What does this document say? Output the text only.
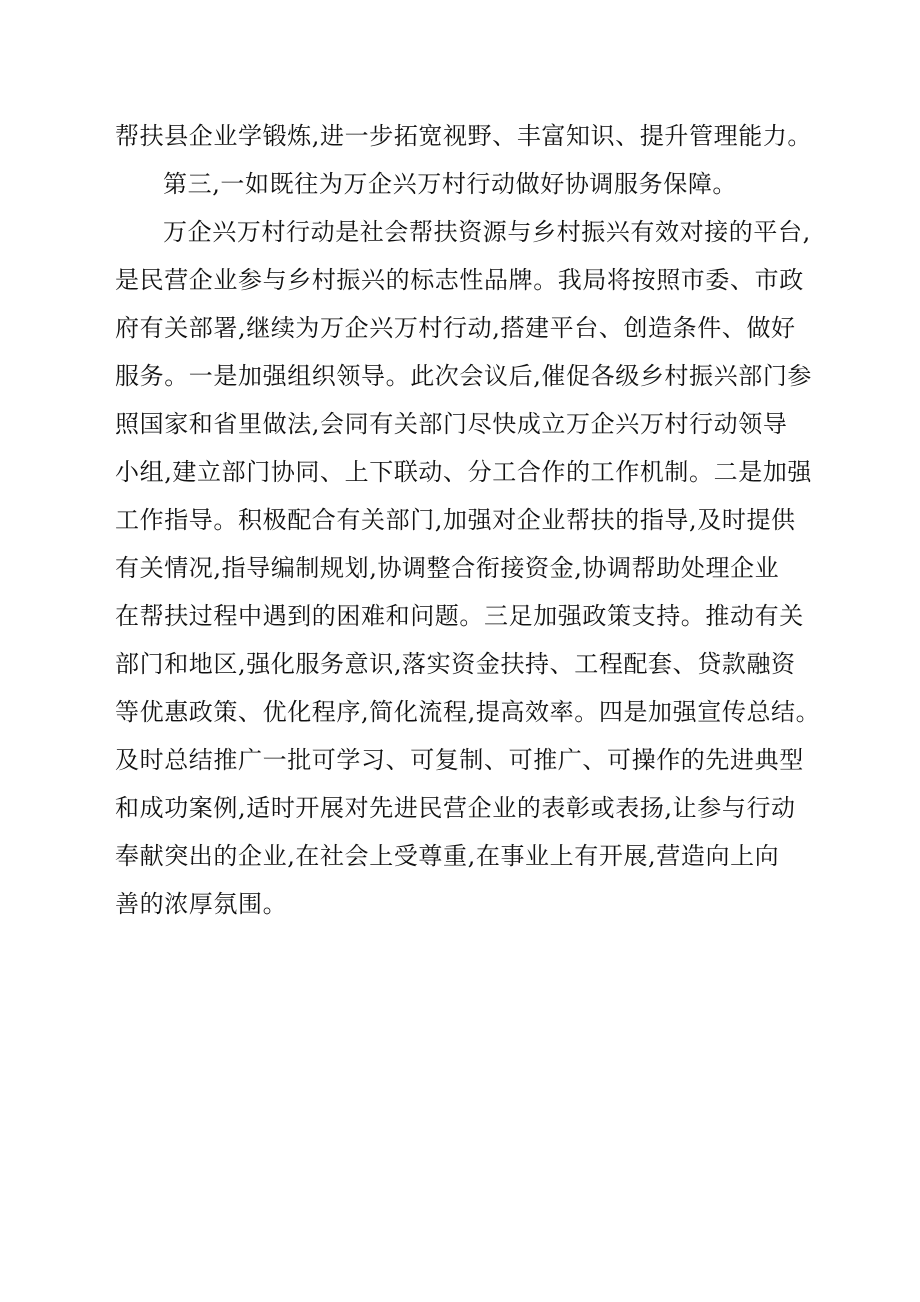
帮扶县企业学锻炼,进一步拓宽视野、丰富知识、提升管理能力。
第三,一如既往为万企兴万村行动做好协调服务保障。
万企兴万村行动是社会帮扶资源与乡村振兴有效对接的平台,
是民营企业参与乡村振兴的标志性品牌。我局将按照市委、市政
府有关部署,继续为万企兴万村行动,搭建平台、创造条件、做好
服务。一是加强组织领导。此次会议后,催促各级乡村振兴部门参
照国家和省里做法,会同有关部门尽快成立万企兴万村行动领导
小组,建立部门协同、上下联动、分工合作的工作机制。二是加强
工作指导。积极配合有关部门,加强对企业帮扶的指导,及时提供
有关情况,指导编制规划,协调整合衔接资金,协调帮助处理企业
在帮扶过程中遇到的困难和问题。三足加强政策支持。推动有关
部门和地区,强化服务意识,落实资金扶持、工程配套、贷款融资
等优惠政策、优化程序,简化流程,提高效率。四是加强宣传总结。
及时总结推广一批可学习、可复制、可推广、可操作的先进典型
和成功案例,适时开展对先进民营企业的表彰或表扬,让参与行动
奉献突出的企业,在社会上受尊重,在事业上有开展,营造向上向
善的浓厚氛围。
